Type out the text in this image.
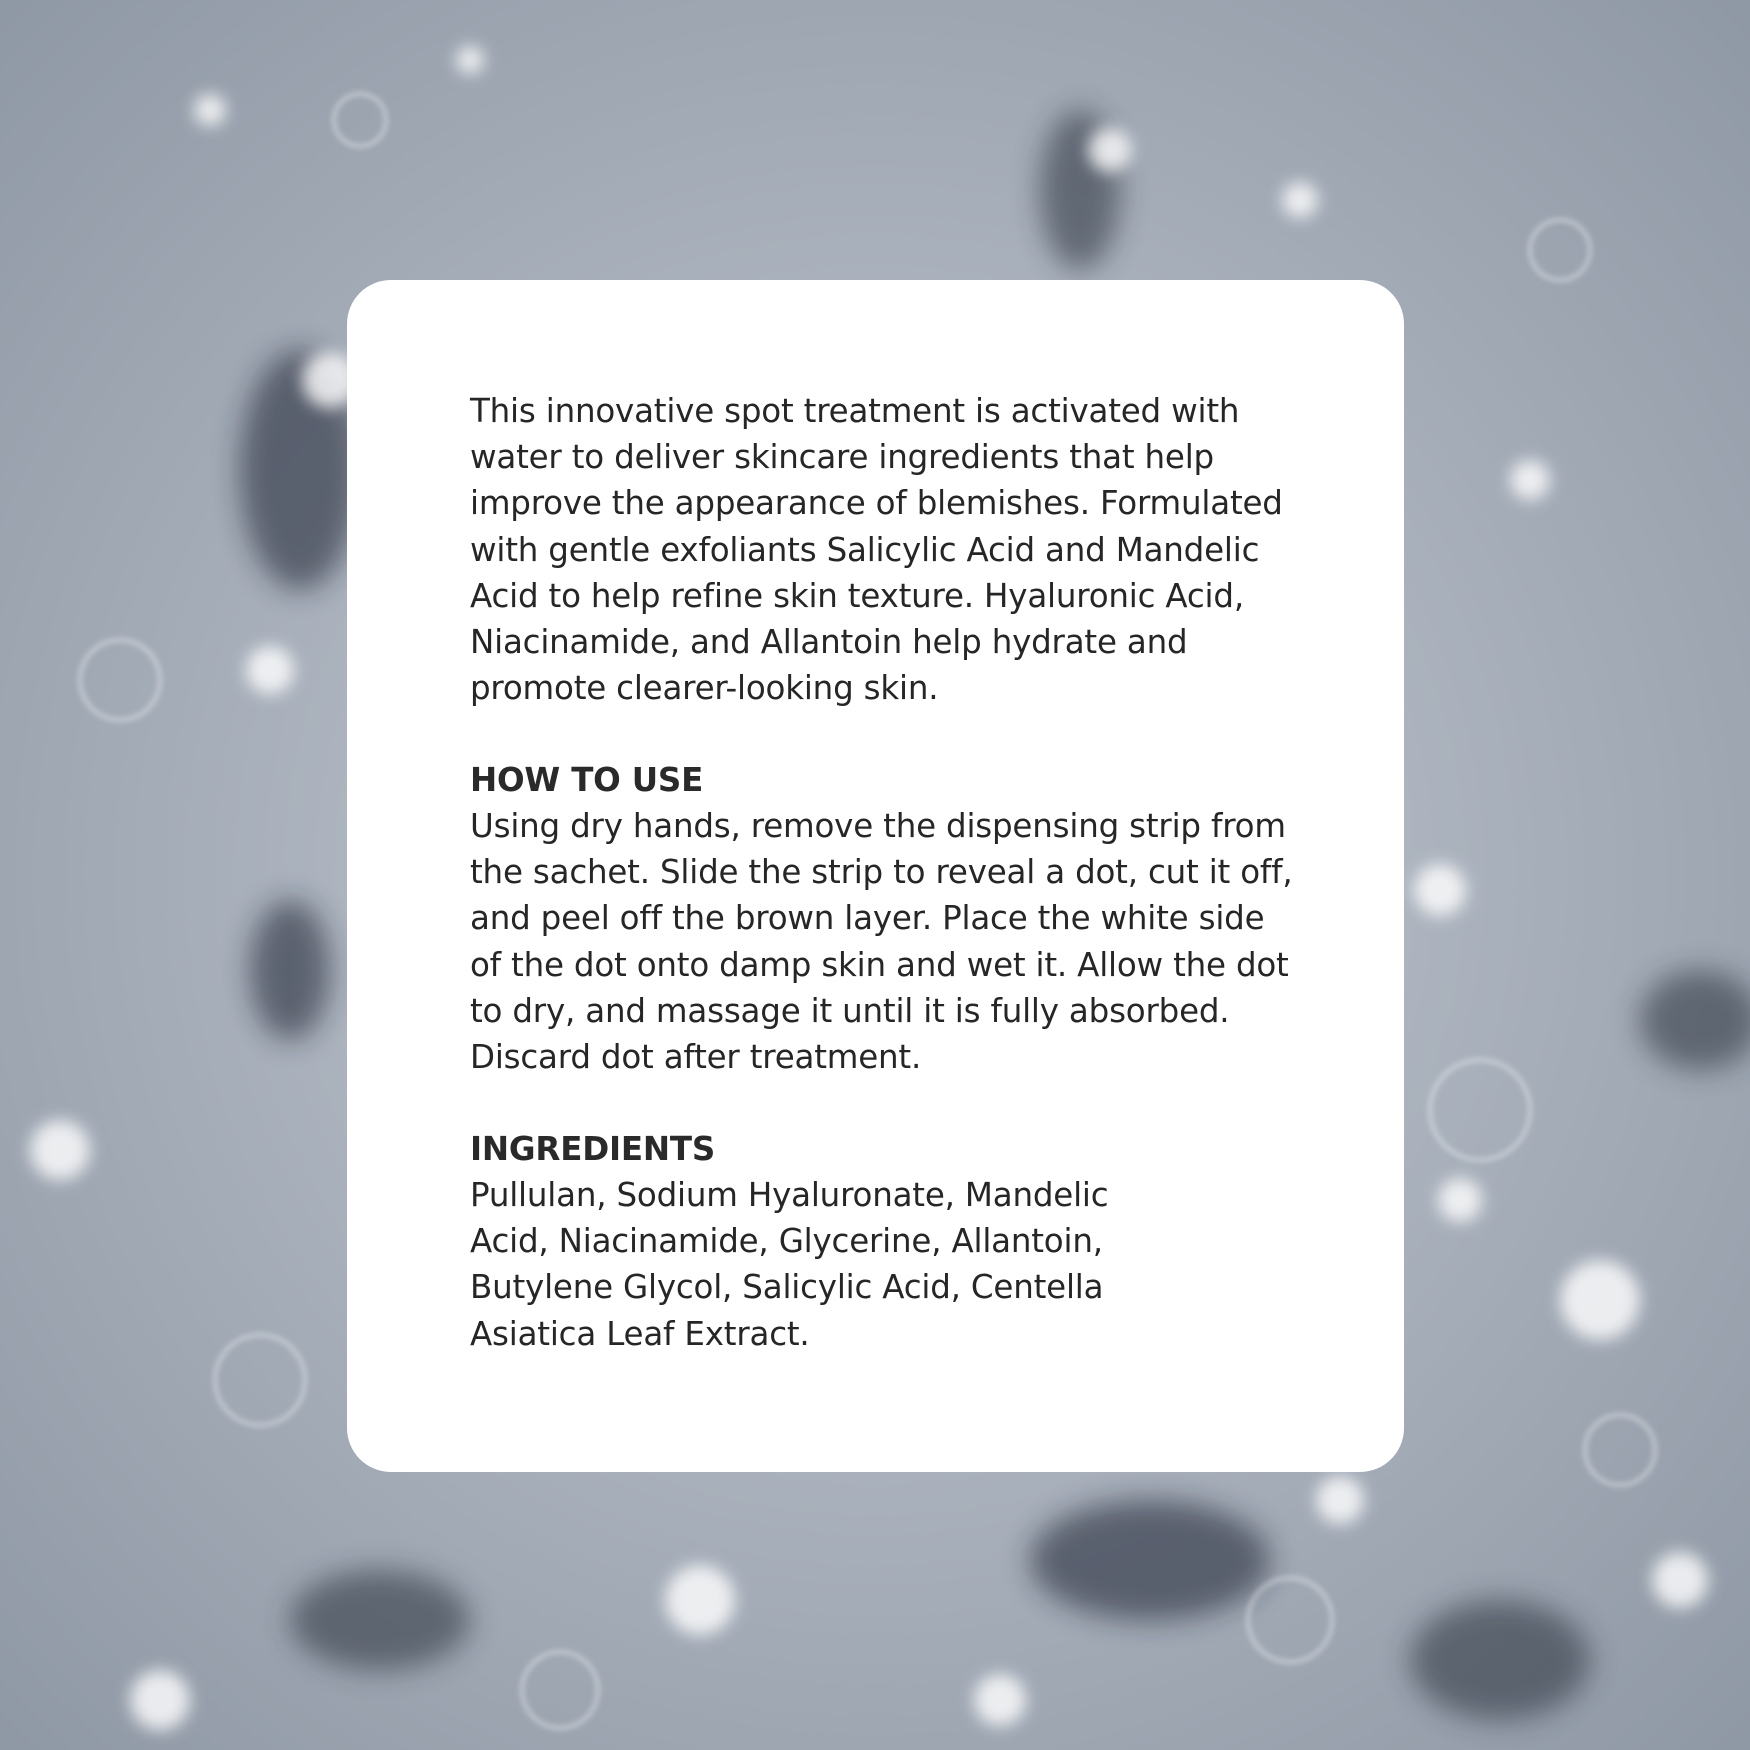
This innovative spot treatment is activated with water to deliver skincare ingredients that help improve the appearance of blemishes. Formulated with gentle exfoliants Salicylic Acid and Mandelic Acid to help refine skin texture. Hyaluronic Acid, Niacinamide, and Allantoin help hydrate and promote clearer-looking skin.

HOW TO USE

Using dry hands, remove the dispensing strip from the sachet. Slide the strip to reveal a dot, cut it off, and peel off the brown layer. Place the white side of the dot onto damp skin and wet it. Allow the dot to dry, and massage it until it is fully absorbed. Discard dot after treatment.

INGREDIENTS

Pullulan, Sodium Hyaluronate, Mandelic Acid, Niacinamide, Glycerine, Allantoin, Butylene Glycol, Salicylic Acid, Centella Asiatica Leaf Extract.
